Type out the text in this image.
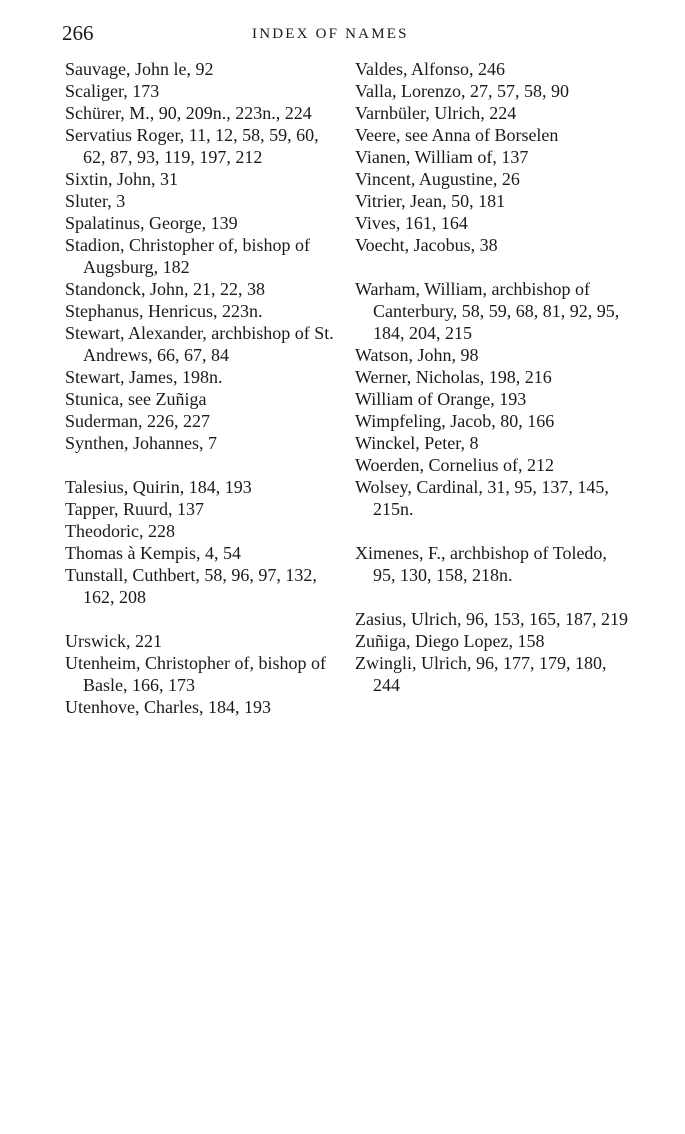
266	INDEX OF NAMES
Sauvage, John le, 92
Scaliger, 173
Schürer, M., 90, 209n., 223n., 224
Servatius Roger, 11, 12, 58, 59, 60, 62, 87, 93, 119, 197, 212
Sixtin, John, 31
Sluter, 3
Spalatinus, George, 139
Stadion, Christopher of, bishop of Augsburg, 182
Standonck, John, 21, 22, 38
Stephanus, Henricus, 223n.
Stewart, Alexander, archbishop of St. Andrews, 66, 67, 84
Stewart, James, 198n.
Stunica, see Zuñiga
Suderman, 226, 227
Synthen, Johannes, 7
Talesius, Quirin, 184, 193
Tapper, Ruurd, 137
Theodoric, 228
Thomas à Kempis, 4, 54
Tunstall, Cuthbert, 58, 96, 97, 132, 162, 208
Urswick, 221
Utenheim, Christopher of, bishop of Basle, 166, 173
Utenhove, Charles, 184, 193
Valdes, Alfonso, 246
Valla, Lorenzo, 27, 57, 58, 90
Varnbüler, Ulrich, 224
Veere, see Anna of Borselen
Vianen, William of, 137
Vincent, Augustine, 26
Vitrier, Jean, 50, 181
Vives, 161, 164
Voecht, Jacobus, 38
Warham, William, archbishop of Canterbury, 58, 59, 68, 81, 92, 95, 184, 204, 215
Watson, John, 98
Werner, Nicholas, 198, 216
William of Orange, 193
Wimpfeling, Jacob, 80, 166
Winckel, Peter, 8
Woerden, Cornelius of, 212
Wolsey, Cardinal, 31, 95, 137, 145, 215n.
Ximenes, F., archbishop of Toledo, 95, 130, 158, 218n.
Zasius, Ulrich, 96, 153, 165, 187, 219
Zuñiga, Diego Lopez, 158
Zwingli, Ulrich, 96, 177, 179, 180, 244
